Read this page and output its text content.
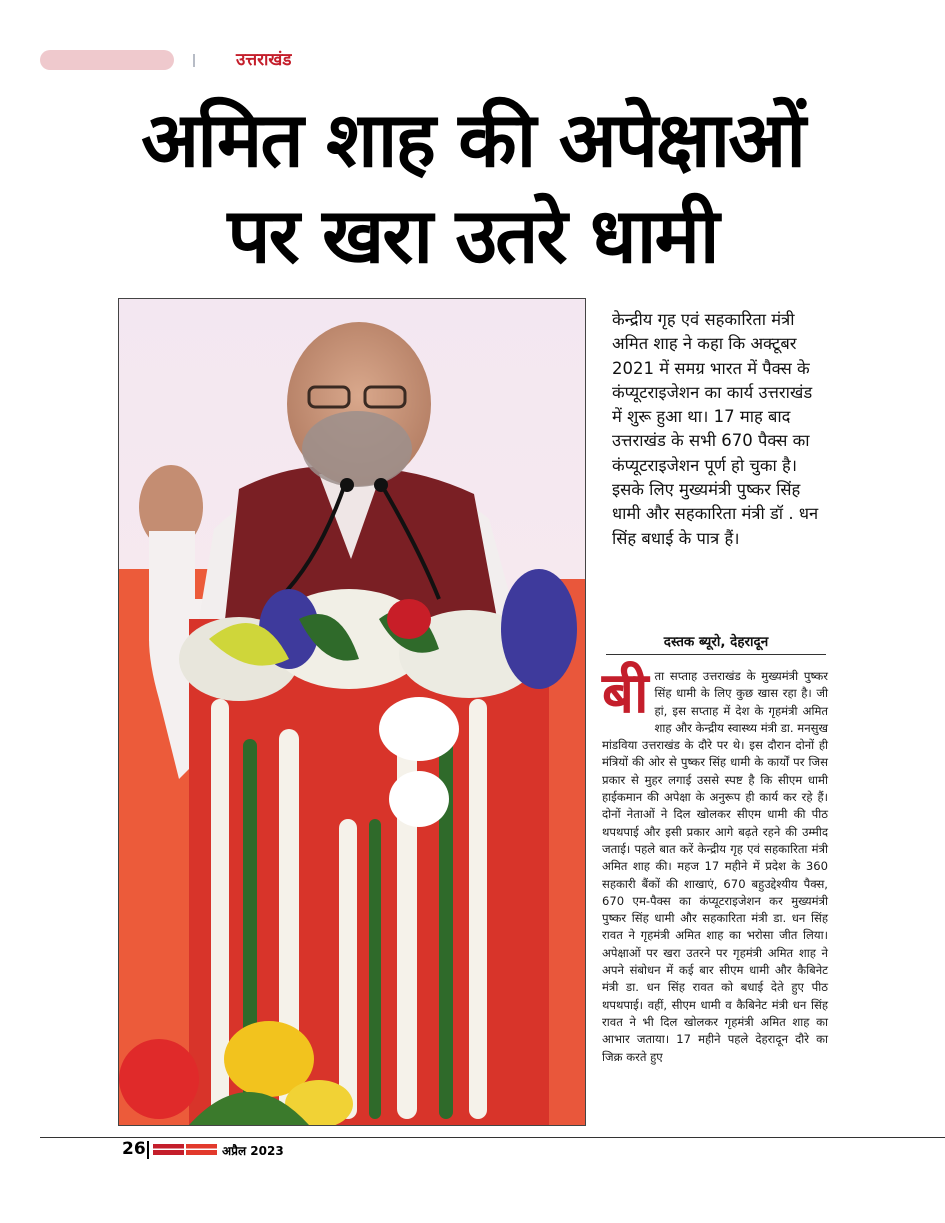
उत्तराखंड
अमित शाह की अपेक्षाओं
पर खरा उतरे धामी
केन्द्रीय गृह एवं सहकारिता मंत्री अमित शाह ने कहा कि अक्टूबर 2021 में समग्र भारत में पैक्स के कंप्यूटराइजेशन का कार्य उत्तराखंड में शुरू हुआ था। 17 माह बाद उत्तराखंड के सभी 670 पैक्स का कंप्यूटराइजेशन पूर्ण हो चुका है। इसके लिए मुख्यमंत्री पुष्कर सिंह धामी और सहकारिता मंत्री डॉ . धन सिंह बधाई के पात्र हैं।
दस्तक ब्यूरो, देहरादून
बी ता सप्ताह उत्तराखंड के मुख्यमंत्री पुष्कर सिंह धामी के लिए कुछ खास रहा है। जी हां, इस सप्ताह में देश के गृहमंत्री अमित शाह और केन्द्रीय स्वास्थ्य मंत्री डा. मनसुख मांडविया उत्तराखंड के दौरे पर थे। इस दौरान दोनों ही मंत्रियों की ओर से पुष्कर सिंह धामी के कार्यों पर जिस प्रकार से मुहर लगाई उससे स्पष्ट है कि सीएम धामी हाईकमान की अपेक्षा के अनुरूप ही कार्य कर रहे हैं। दोनों नेताओं ने दिल खोलकर सीएम धामी की पीठ थपथपाई और इसी प्रकार आगे बढ़ते रहने की उम्मीद जताई। पहले बात करें केन्द्रीय गृह एवं सहकारिता मंत्री अमित शाह की। महज 17 महीने में प्रदेश के 360 सहकारी बैंकों की शाखाएं, 670 बहुउद्देश्यीय पैक्स, 670 एम-पैक्स का कंप्यूटराइजेशन कर मुख्यमंत्री पुष्कर सिंह धामी और सहकारिता मंत्री डा. धन सिंह रावत ने गृहमंत्री अमित शाह का भरोसा जीत लिया। अपेक्षाओं पर खरा उतरने पर गृहमंत्री अमित शाह ने अपने संबोधन में कई बार सीएम धामी और कैबिनेट मंत्री डा. धन सिंह रावत को बधाई देते हुए पीठ थपथपाई। वहीं, सीएम धामी व कैबिनेट मंत्री धन सिंह रावत ने भी दिल खोलकर गृहमंत्री अमित शाह का आभार जताया। 17 महीने पहले देहरादून दौरे का जिक्र करते हुए
26	अप्रैल 2023
